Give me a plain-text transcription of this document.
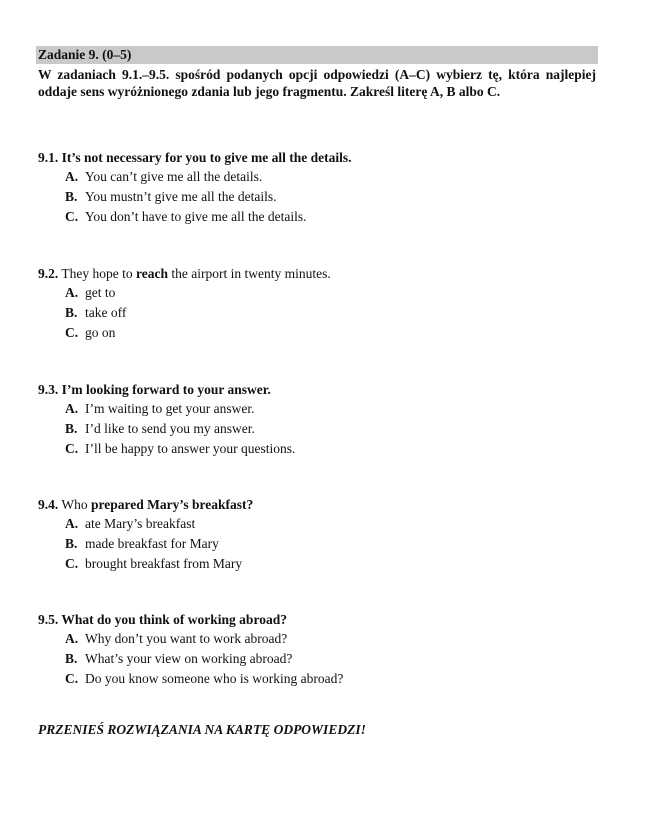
Zadanie 9. (0–5)
W zadaniach 9.1.–9.5. spośród podanych opcji odpowiedzi (A–C) wybierz tę, która najlepiej oddaje sens wyróżnionego zdania lub jego fragmentu. Zakreśl literę A, B albo C.
9.1. It’s not necessary for you to give me all the details.
A. You can’t give me all the details.
B. You mustn’t give me all the details.
C. You don’t have to give me all the details.
9.2. They hope to reach the airport in twenty minutes.
A. get to
B. take off
C. go on
9.3. I’m looking forward to your answer.
A. I’m waiting to get your answer.
B. I’d like to send you my answer.
C. I’ll be happy to answer your questions.
9.4. Who prepared Mary’s breakfast?
A. ate Mary’s breakfast
B. made breakfast for Mary
C. brought breakfast from Mary
9.5. What do you think of working abroad?
A. Why don’t you want to work abroad?
B. What’s your view on working abroad?
C. Do you know someone who is working abroad?
PRZENIEŚ ROZWIĄZANIA NA KARTĘ ODPOWIEDZI!
